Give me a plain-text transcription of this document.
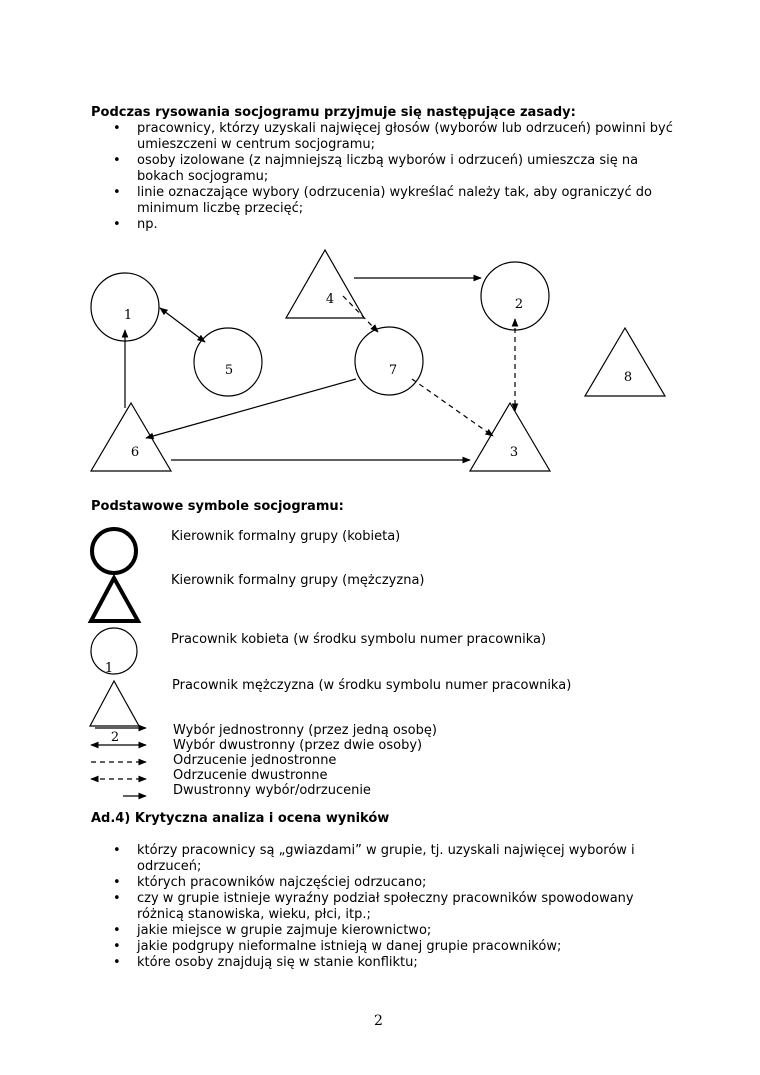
Podczas rysowania socjogramu przyjmuje się następujące zasady:
• pracownicy, którzy uzyskali najwięcej głosów (wyborów lub odrzuceń) powinni być umieszczeni w centrum socjogramu;
• osoby izolowane (z najmniejszą liczbą wyborów i odrzuceń) umieszcza się na bokach socjogramu;
• linie oznaczające wybory (odrzucenia) wykreślać należy tak, aby ograniczyć do minimum liczbę przecięć;
• np.
1
2
3
4
5
6
7	8
Podstawowe symbole socjogramu:
1
2
Kierownik formalny grupy (kobieta)
Kierownik formalny grupy (mężczyzna)
Pracownik kobieta (w środku symbolu numer pracownika)
Pracownik mężczyzna (w środku symbolu numer pracownika)
Wybór jednostronny (przez jedną osobę)
Wybór dwustronny (przez dwie osoby)
Odrzucenie jednostronne
Odrzucenie dwustronne
Dwustronny wybór/odrzucenie
Ad.4) Krytyczna analiza i ocena wyników
• którzy pracownicy są „gwiazdami” w grupie, tj. uzyskali najwięcej wyborów i odrzuceń;
• których pracowników najczęściej odrzucano;
• czy w grupie istnieje wyraźny podział społeczny pracowników spowodowany różnicą stanowiska, wieku, płci, itp.;
• jakie miejsce w grupie zajmuje kierownictwo;
• jakie podgrupy nieformalne istnieją w danej grupie pracowników;
• które osoby znajdują się w stanie konfliktu;
2
